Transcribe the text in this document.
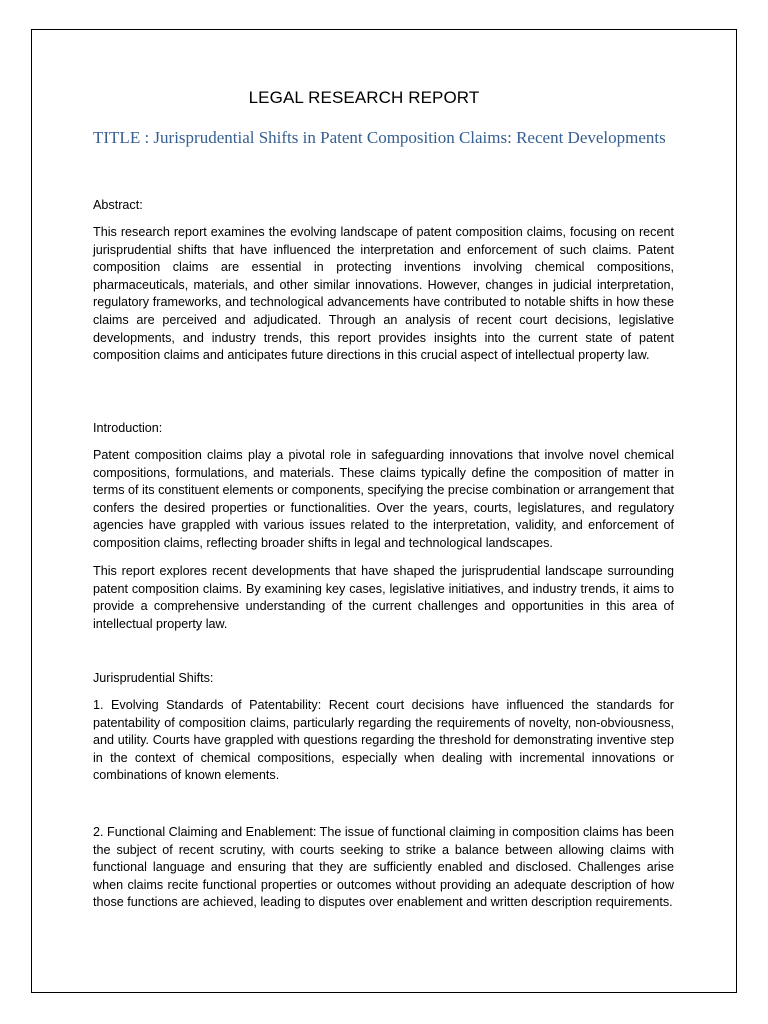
LEGAL RESEARCH REPORT
TITLE : Jurisprudential Shifts in Patent Composition Claims: Recent Developments
Abstract:

This research report examines the evolving landscape of patent composition claims, focusing on recent jurisprudential shifts that have influenced the interpretation and enforcement of such claims. Patent composition claims are essential in protecting inventions involving chemical compositions, pharmaceuticals, materials, and other similar innovations. However, changes in judicial interpretation, regulatory frameworks, and technological advancements have contributed to notable shifts in how these claims are perceived and adjudicated. Through an analysis of recent court decisions, legislative developments, and industry trends, this report provides insights into the current state of patent composition claims and anticipates future directions in this crucial aspect of intellectual property law.

Introduction:

Patent composition claims play a pivotal role in safeguarding innovations that involve novel chemical compositions, formulations, and materials. These claims typically define the composition of matter in terms of its constituent elements or components, specifying the precise combination or arrangement that confers the desired properties or functionalities. Over the years, courts, legislatures, and regulatory agencies have grappled with various issues related to the interpretation, validity, and enforcement of composition claims, reflecting broader shifts in legal and technological landscapes.

This report explores recent developments that have shaped the jurisprudential landscape surrounding patent composition claims. By examining key cases, legislative initiatives, and industry trends, it aims to provide a comprehensive understanding of the current challenges and opportunities in this area of intellectual property law.

Jurisprudential Shifts:

1. Evolving Standards of Patentability: Recent court decisions have influenced the standards for patentability of composition claims, particularly regarding the requirements of novelty, non-obviousness, and utility. Courts have grappled with questions regarding the threshold for demonstrating inventive step in the context of chemical compositions, especially when dealing with incremental innovations or combinations of known elements.

2. Functional Claiming and Enablement: The issue of functional claiming in composition claims has been the subject of recent scrutiny, with courts seeking to strike a balance between allowing claims with functional language and ensuring that they are sufficiently enabled and disclosed. Challenges arise when claims recite functional properties or outcomes without providing an adequate description of how those functions are achieved, leading to disputes over enablement and written description requirements.
